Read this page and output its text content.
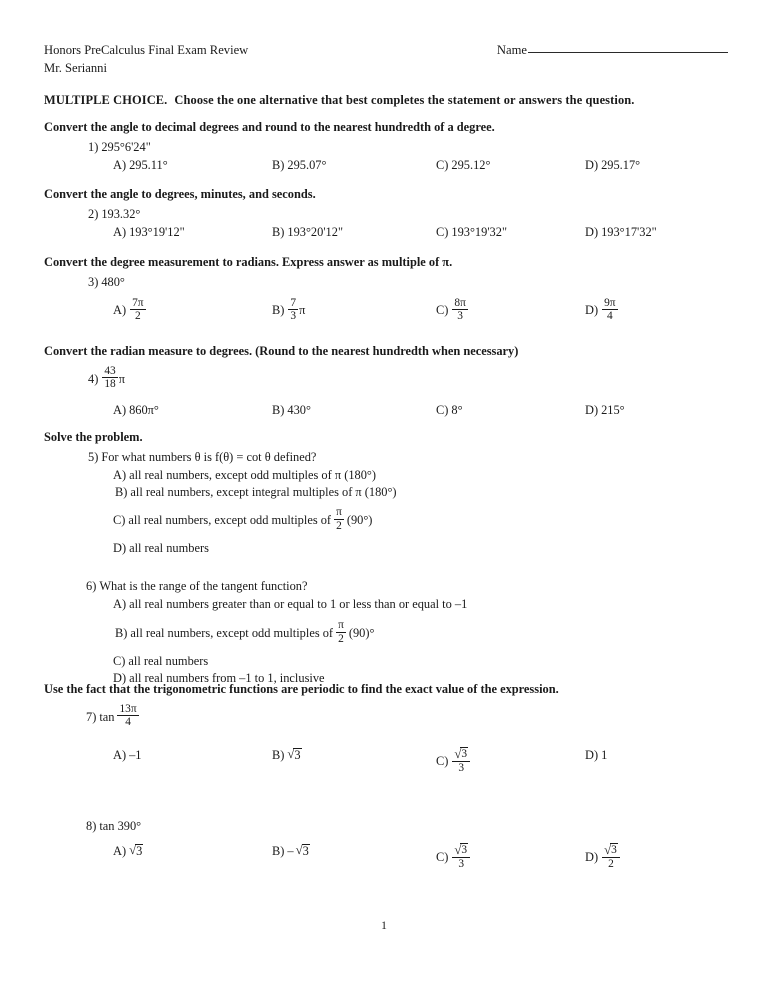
Honors PreCalculus Final Exam Review	Name
Mr. Serianni
MULTIPLE CHOICE. Choose the one alternative that best completes the statement or answers the question.
Convert the angle to decimal degrees and round to the nearest hundredth of a degree.
1) 295°6'24"
A) 295.11°	B) 295.07°	C) 295.12°	D) 295.17°
Convert the angle to degrees, minutes, and seconds.
2) 193.32°
A) 193°19'12"	B) 193°20'12"	C) 193°19'32"	D) 193°17'32"
Convert the degree measurement to radians. Express answer as multiple of π.
3) 480°
$A) \frac{7\pi}{2}$	$B) \frac{7}{3}$ π	$C) \frac{8\pi}{3}$	$D) \frac{9\pi}{4}$
Convert the radian measure to degrees. (Round to the nearest hundredth when necessary)
$4) \frac{43}{18}$ π
A) 860π°	B) 430°	C) 8°	D) 215°
Solve the problem.
5) For what numbers θ is f(θ) = cot θ defined?
A) all real numbers, except odd multiples of π (180°)
B) all real numbers, except integral multiples of π (180°)
C) all real numbers, except odd multiples of $\frac{\pi}{2} (90^\circ)$
D) all real numbers
6) What is the range of the tangent function?
A) all real numbers greater than or equal to 1 or less than or equal to –1
B) all real numbers, except odd multiples of $\frac{\pi}{2} (90)^\circ$
C) all real numbers
D) all real numbers from –1 to 1, inclusive
Use the fact that the trigonometric functions are periodic to find the exact value of the expression.
7) $\tan \frac{13\pi}{4}$
A) –1	B) √ 3	$C) \frac{√ 3}{3}$	D) 1
8) tan 390°
A) √ 3	B) – √ 3	$C) \frac{√ 3}{3}$	$D) \frac{√ 3}{2}$
1
